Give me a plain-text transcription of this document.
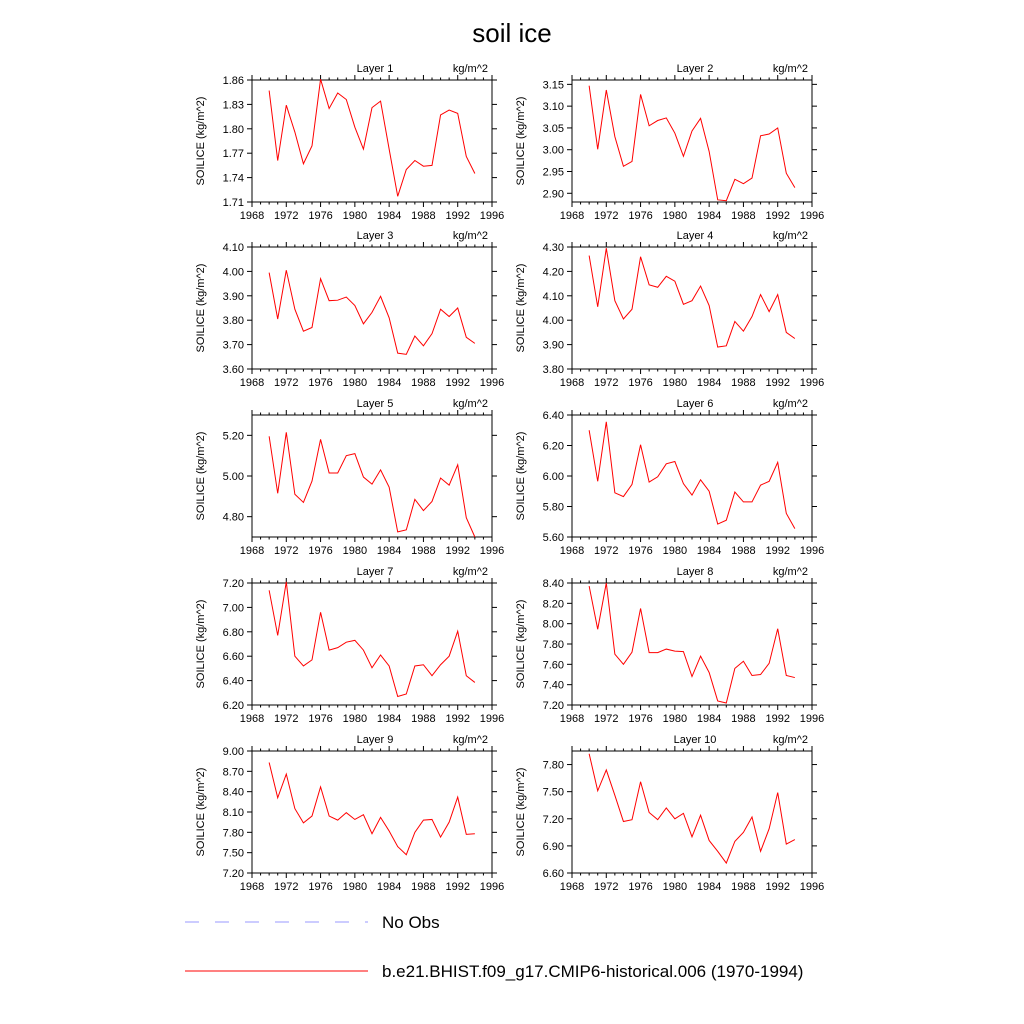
soil ice
1968 1972 1976 1980 1984 1988 1992 1996
1.71
1.74
1.77
1.80
1.83
1.86
Layer 1	kg/m^2
SOILICE (kg/m^2)
1968 1972 1976 1980 1984 1988 1992 1996
2.90
2.95
3.00
3.05
3.10
3.15
Layer 2	kg/m^2
SOILICE (kg/m^2)
1968 1972 1976 1980 1984 1988 1992 1996
3.60
3.70
3.80
3.90
4.00
4.10
Layer 3	kg/m^2
SOILICE (kg/m^2)
1968 1972 1976 1980 1984 1988 1992 1996
3.80
3.90
4.00
4.10
4.20
4.30
Layer 4	kg/m^2
SOILICE (kg/m^2)
1968 1972 1976 1980 1984 1988 1992 1996
4.80
5.00
5.20
Layer 5	kg/m^2
SOILICE (kg/m^2)
1968 1972 1976 1980 1984 1988 1992 1996
5.60
5.80
6.00
6.20
6.40
Layer 6	kg/m^2
SOILICE (kg/m^2)
1968 1972 1976 1980 1984 1988 1992 1996
6.20
6.40
6.60
6.80
7.00
7.20
Layer 7	kg/m^2
SOILICE (kg/m^2)
1968 1972 1976 1980 1984 1988 1992 1996
7.20
7.40
7.60
7.80
8.00
8.20
8.40
Layer 8	kg/m^2
SOILICE (kg/m^2)
1968 1972 1976 1980 1984 1988 1992 1996
7.20
7.50
7.80
8.10
8.40
8.70
9.00
Layer 9	kg/m^2
SOILICE (kg/m^2)
1968 1972 1976 1980 1984 1988 1992 1996
6.60
6.90
7.20
7.50
7.80
Layer 10	kg/m^2
SOILICE (kg/m^2)
No Obs
b.e21.BHIST.f09_g17.CMIP6-historical.006 (1970-1994)
